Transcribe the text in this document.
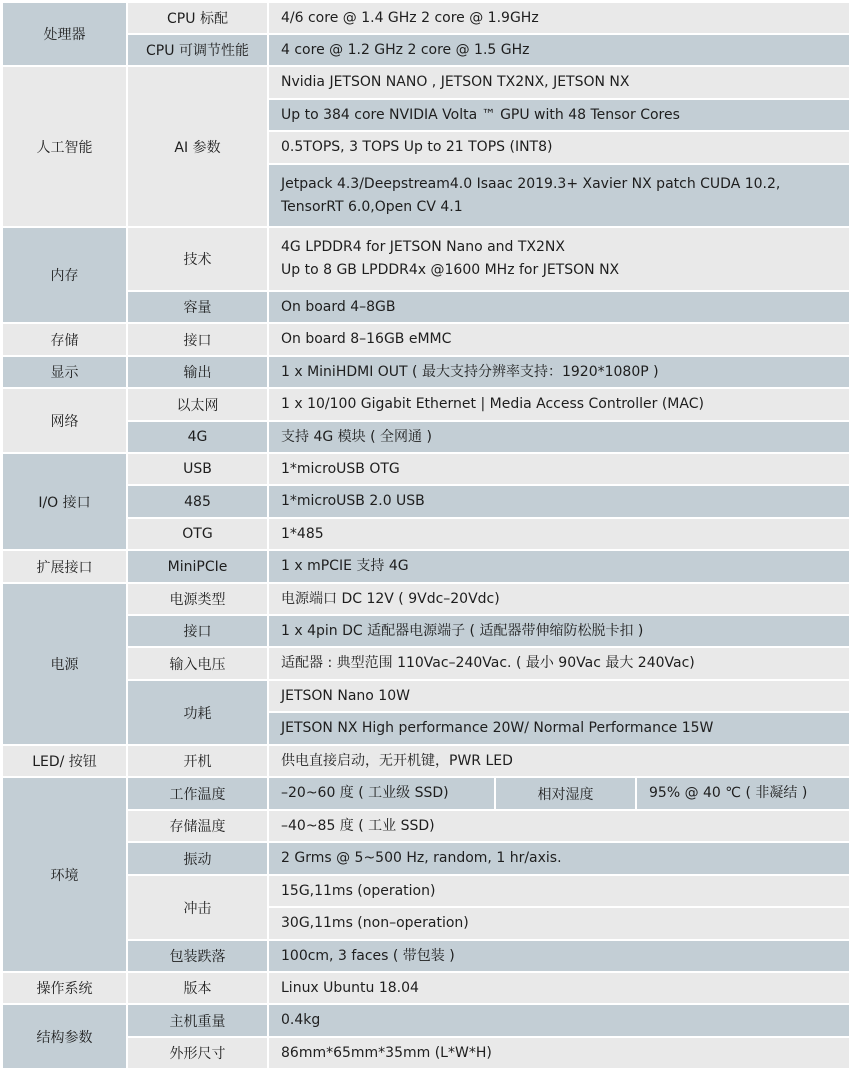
处理器	CPU 标配	4/6 core @ 1.4 GHz 2 core @ 1.9GHz		
	CPU 可调节性能	4 core @ 1.2 GHz 2 core @ 1.5 GHz		
人工智能	AI 参数	Nvidia JETSON NANO , JETSON TX2NX, JETSON NX		
		Up to 384 core NVIDIA Volta ™ GPU with 48 Tensor Cores		
		0.5TOPS, 3 TOPS Up to 21 TOPS (INT8)		

		Jetpack 4.3/Deepstream4.0 Isaac 2019.3+ Xavier NX patch CUDA 10.2,
TensorRT 6.0,Open CV 4.1		

内存	技术	4G LPDDR4 for JETSON Nano and TX2NX
Up to 8 GB LPDDR4x @1600 MHz for JETSON NX		

	容量	On board 4–8GB		
存储	接口	On board 8–16GB eMMC		
显示	输出	1 x MiniHDMI OUT ( 最大支持分辨率支持：1920*1080P )		
网络	以太网	1 x 10/100 Gigabit Ethernet | Media Access Controller (MAC)		
	4G	支持 4G 模块 ( 全网通 )		
I/O 接口	USB	1*microUSB OTG		
	485	1*microUSB 2.0 USB		
	OTG	1*485		
扩展接口	MiniPCIe	1 x mPCIE 支持 4G		
电源	电源类型	电源端口 DC 12V ( 9Vdc–20Vdc)		
	接口	1 x 4pin DC 适配器电源端子 ( 适配器带伸缩防松脱卡扣 )		
	输入电压	适配器 : 典型范围 110Vac–240Vac. ( 最小 90Vac 最大 240Vac)		
	功耗	JETSON Nano 10W		
		JETSON NX High performance 20W/ Normal Performance 15W		
LED/ 按钮	开机	供电直接启动，无开机键，PWR LED		
环境	工作温度	–20~60 度 ( 工业级 SSD)	相对湿度	95% @ 40 ℃ ( 非凝结 )
	存储温度	–40~85 度 ( 工业 SSD)		
	振动	2 Grms @ 5~500 Hz, random, 1 hr/axis.		
	冲击	15G,11ms (operation)		
		30G,11ms (non–operation)		
	包装跌落	100cm, 3 faces ( 带包装 )		
操作系统	版本	Linux Ubuntu 18.04		
结构参数	主机重量	0.4kg		
	外形尺寸	86mm*65mm*35mm (L*W*H)		
